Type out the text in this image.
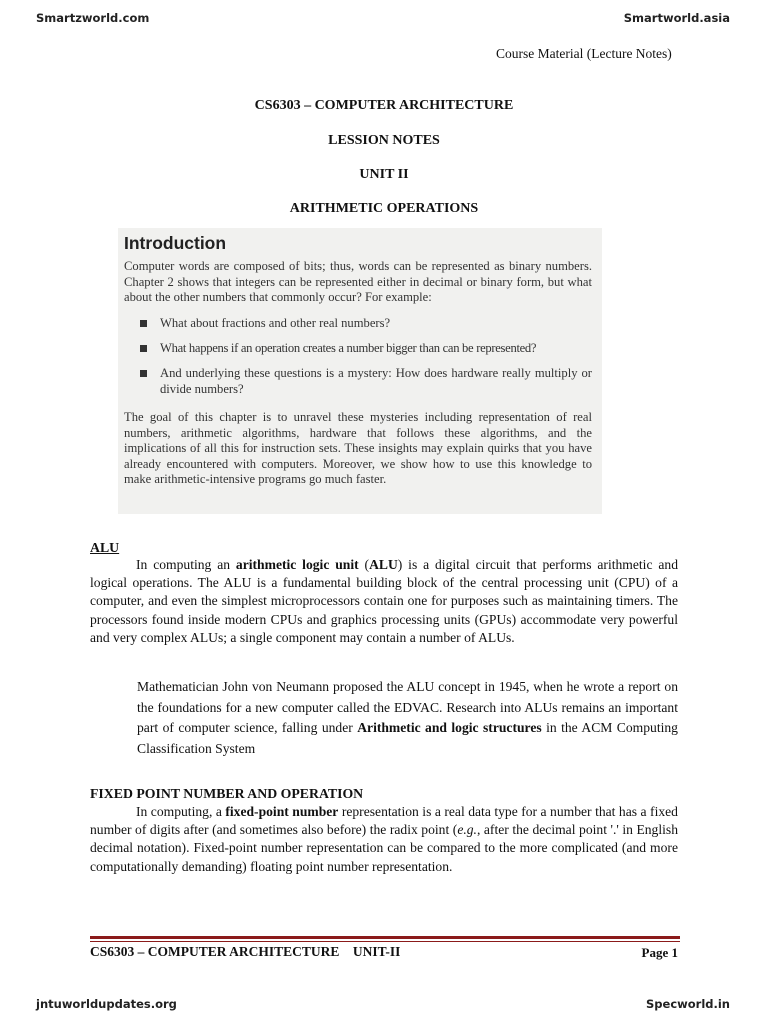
Smartzworld.com	Smartworld.asia
Course Material (Lecture Notes)
CS6303 – COMPUTER ARCHITECTURE
LESSION NOTES
UNIT II
ARITHMETIC OPERATIONS
Introduction
Computer words are composed of bits; thus, words can be represented as binary numbers. Chapter 2 shows that integers can be represented either in decimal or binary form, but what about the other numbers that commonly occur? For example:
What about fractions and other real numbers?
What happens if an operation creates a number bigger than can be represented?
And underlying these questions is a mystery: How does hardware really multiply or divide numbers?
The goal of this chapter is to unravel these mysteries including representation of real numbers, arithmetic algorithms, hardware that follows these algorithms, and the implications of all this for instruction sets. These insights may explain quirks that you have already encountered with computers. Moreover, we show how to use this knowledge to make arithmetic-intensive programs go much faster.
ALU
In computing an arithmetic logic unit (ALU) is a digital circuit that performs arithmetic and logical operations. The ALU is a fundamental building block of the central processing unit (CPU) of a computer, and even the simplest microprocessors contain one for purposes such as maintaining timers. The processors found inside modern CPUs and graphics processing units (GPUs) accommodate very powerful and very complex ALUs; a single component may contain a number of ALUs.
Mathematician John von Neumann proposed the ALU concept in 1945, when he wrote a report on the foundations for a new computer called the EDVAC. Research into ALUs remains an important part of computer science, falling under Arithmetic and logic structures in the ACM Computing Classification System
FIXED POINT NUMBER AND OPERATION
In computing, a fixed-point number representation is a real data type for a number that has a fixed number of digits after (and sometimes also before) the radix point (e.g., after the decimal point '.' in English decimal notation). Fixed-point number representation can be compared to the more complicated (and more computationally demanding) floating point number representation.
CS6303 – COMPUTER ARCHITECTURE    UNIT-II	Page 1
jntuworldupdates.org	Specworld.in
